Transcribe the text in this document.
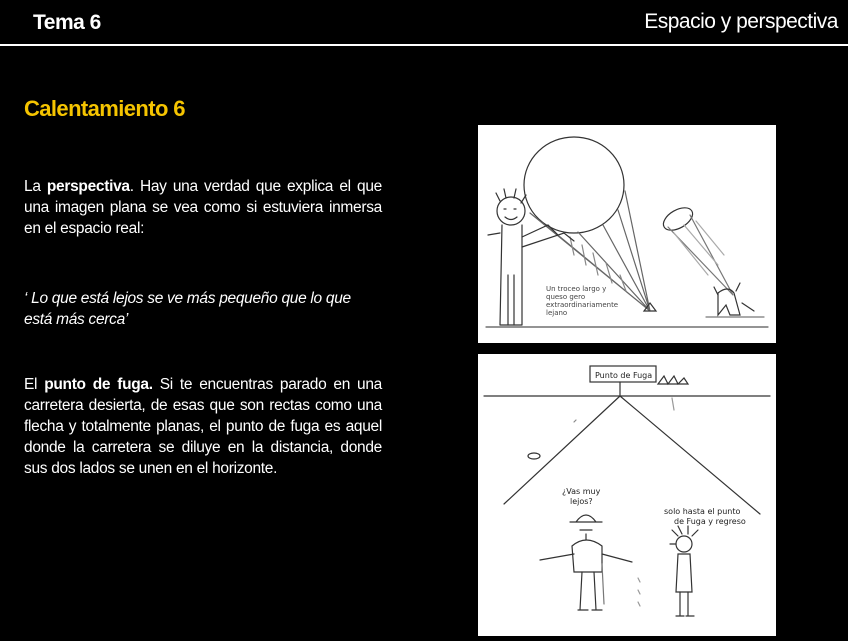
Tema 6	Espacio y perspectiva
Calentamiento 6
La perspectiva. Hay una verdad que explica el que una imagen plana se vea como si estuviera inmersa en el espacio real:
‘ Lo que está lejos se ve más pequeño que lo que está más cerca’
El punto de fuga. Si te encuentras parado en una carretera desierta, de esas que son rectas como una flecha y totalmente planas, el punto de fuga es aquel donde la carretera se diluye en la distancia, donde sus dos lados se unen en el horizonte.
Un troceo largo y
queso gero
extraordinariamente
lejano
Punto de Fuga
¿Vas muy
lejos?
solo hasta el punto
de Fuga y regreso
